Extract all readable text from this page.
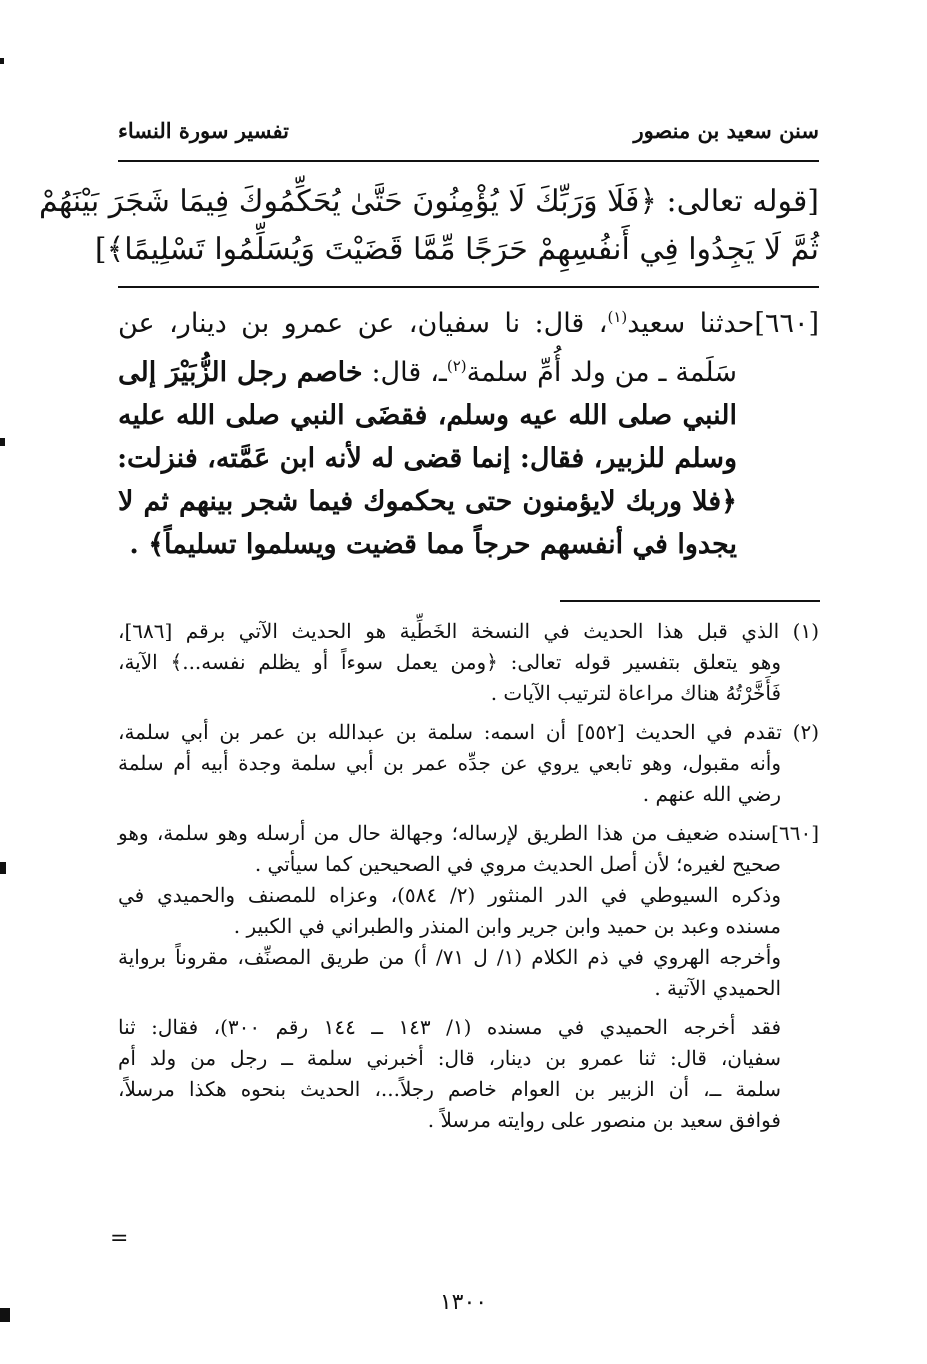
سنن سعيد بن منصور
تفسير سورة النساء
[قوله تعالى: ﴿فَلَا وَرَبِّكَ لَا يُؤْمِنُونَ حَتَّىٰ يُحَكِّمُوكَ فِيمَا شَجَرَ بَيْنَهُمْ
ثُمَّ لَا يَجِدُوا فِي أَنفُسِهِمْ حَرَجًا مِّمَّا قَضَيْتَ وَيُسَلِّمُوا تَسْلِيمًا﴾]
[٦٦٠]حدثنا سعيد$^{(١)}$، قال: نا سفيان، عن عمرو بن دينار، عن
سَلَمة ـ من ولد أُمِّ سلمة$^{(٢)}$ـ، قال: خاصم رجل الزُّبَيْرَ إلى
النبي صلى الله عيه وسلم، فقضَى النبي صلى الله عليه
وسلم للزبير، فقال: إنما قضى له لأنه ابن عَمَّته، فنزلت:
﴿فلا وربك لايؤمنون حتى يحكموك فيما شجر بينهم ثم لا
يجدوا في أنفسهم حرجاً مما قضيت ويسلموا تسليماً﴾ .
(١) الذي قبل هذا الحديث في النسخة الخَطِّية هو الحديث الآتي برقم [٦٨٦]،
وهو يتعلق بتفسير قوله تعالى: ﴿ومن يعمل سوءاً أو يظلم نفسه...﴾ الآية،
فَأَخَّرْتُهُ هناك مراعاة لترتيب الآيات .
(٢) تقدم في الحديث [٥٥٢] أن اسمه: سلمة بن عبدالله بن عمر بن أبي سلمة،
وأنه مقبول، وهو تابعي يروي عن جدِّه عمر بن أبي سلمة وجدة أبيه أم سلمة
رضي الله عنهم .
[٦٦٠]سنده ضعيف من هذا الطريق لإرساله؛ وجهالة حال من أرسله وهو سلمة، وهو
صحيح لغيره؛ لأن أصل الحديث مروي في الصحيحين كما سيأتي .
وذكره السيوطي في الدر المنثور (٢/ ٥٨٤)، وعزاه للمصنف والحميدي في
مسنده وعبد بن حميد وابن جرير وابن المنذر والطبراني في الكبير .
وأخرجه الهروي في ذم الكلام (١/ ل ٧١/ أ) من طريق المصنِّف، مقروناً برواية
الحميدي الآتية .
فقد أخرجه الحميدي في مسنده (١/ ١٤٣ ــ ١٤٤ رقم ٣٠٠)، فقال: ثنا
سفيان، قال: ثنا عمرو بن دينار، قال: أخبرني سلمة ــ رجل من ولد أم
سلمة ــ، أن الزبير بن العوام خاصم رجلاً...، الحديث بنحوه هكذا مرسلاً،
فوافق سعيد بن منصور على روايته مرسلاً .
=
١٣٠٠
